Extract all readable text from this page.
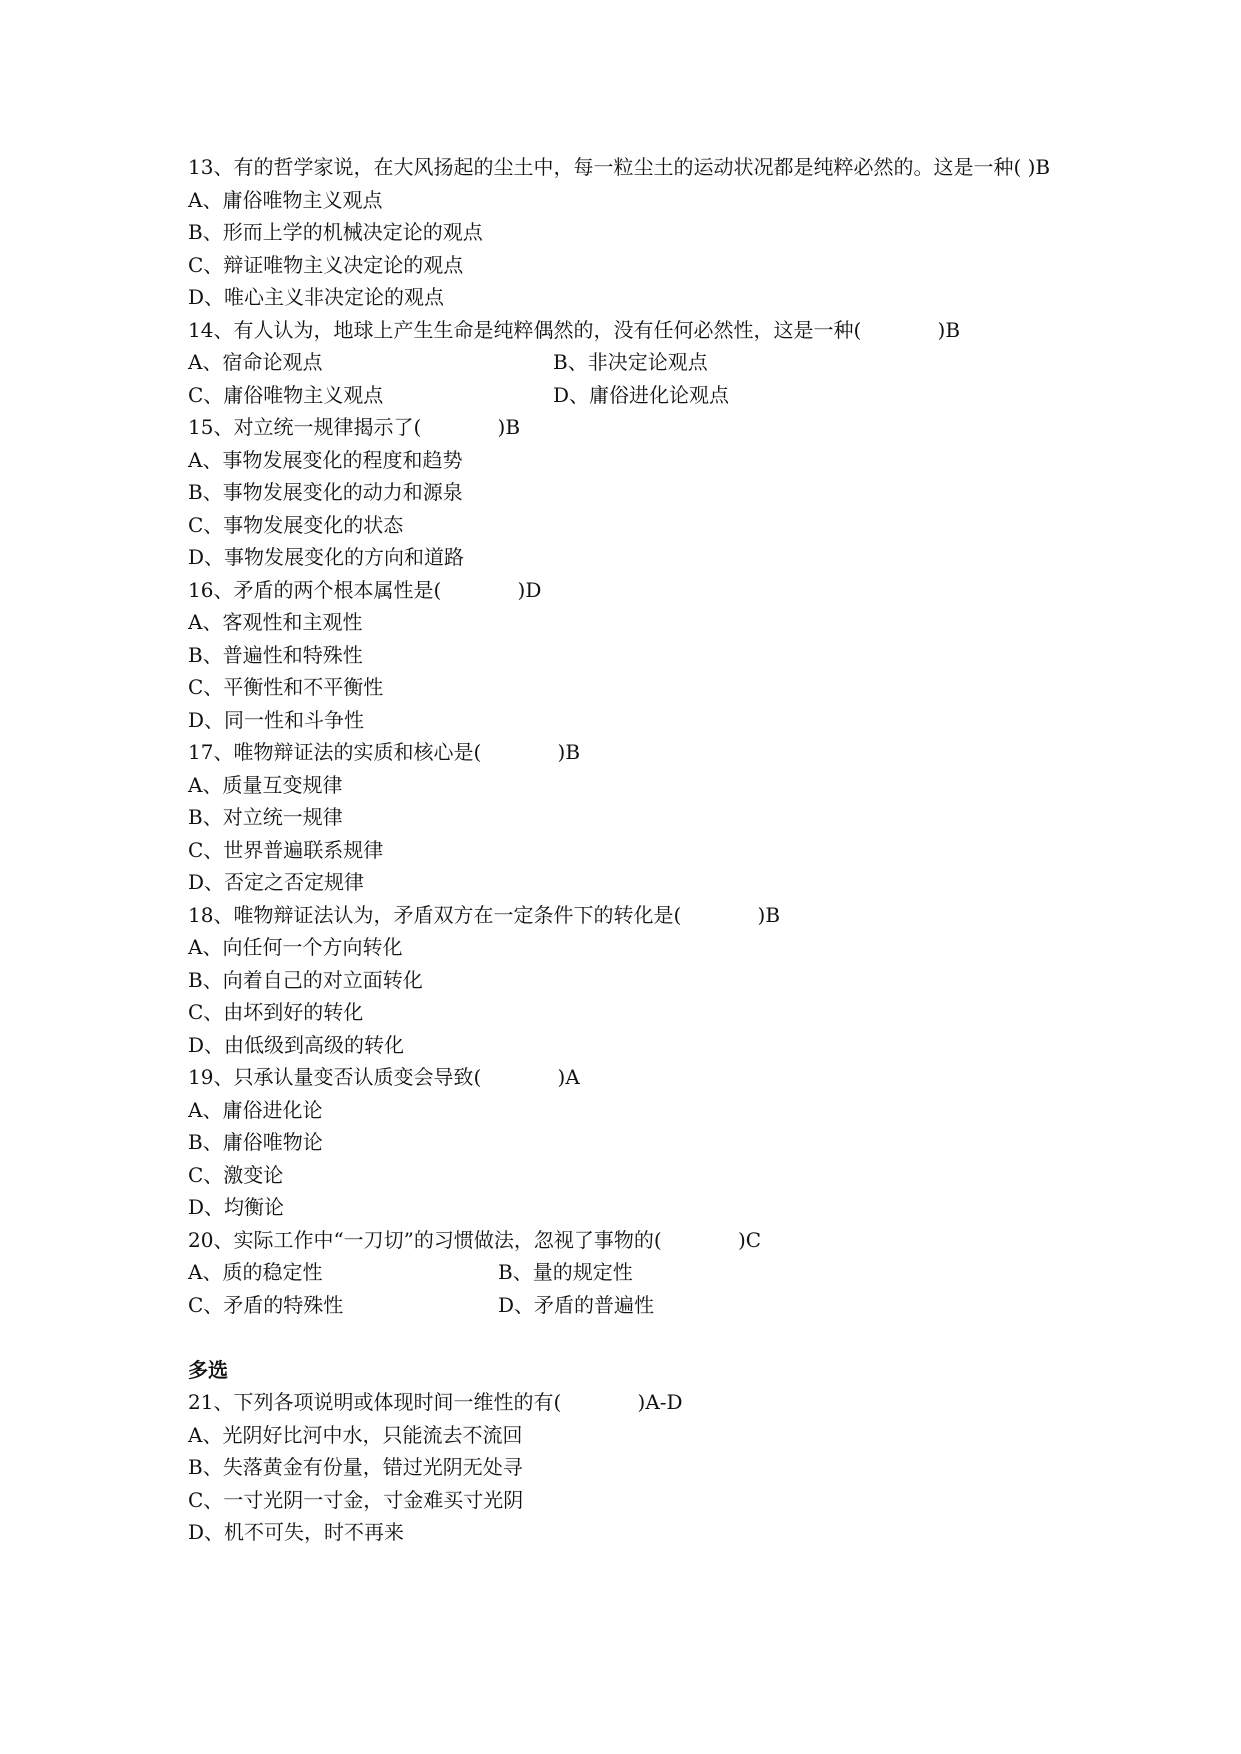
13、有的哲学家说，在大风扬起的尘土中，每一粒尘土的运动状况都是纯粹必然的。这是一种( )B
A、庸俗唯物主义观点
B、形而上学的机械决定论的观点
C、辩证唯物主义决定论的观点
D、唯心主义非决定论的观点
14、有人认为，地球上产生生命是纯粹偶然的，没有任何必然性，这是一种(            )B
A、宿命论观点	B、非决定论观点
C、庸俗唯物主义观点	D、庸俗进化论观点
15、对立统一规律揭示了(            )B
A、事物发展变化的程度和趋势
B、事物发展变化的动力和源泉
C、事物发展变化的状态
D、事物发展变化的方向和道路
16、矛盾的两个根本属性是(            )D
A、客观性和主观性
B、普遍性和特殊性
C、平衡性和不平衡性
D、同一性和斗争性
17、唯物辩证法的实质和核心是(            )B
A、质量互变规律
B、对立统一规律
C、世界普遍联系规律
D、否定之否定规律
18、唯物辩证法认为，矛盾双方在一定条件下的转化是(            )B
A、向任何一个方向转化
B、向着自己的对立面转化
C、由坏到好的转化
D、由低级到高级的转化
19、只承认量变否认质变会导致(            )A
A、庸俗进化论
B、庸俗唯物论
C、激变论
D、均衡论
20、实际工作中“一刀切”的习惯做法，忽视了事物的(            )C
A、质的稳定性	B、量的规定性
C、矛盾的特殊性	D、矛盾的普遍性
多选
21、下列各项说明或体现时间一维性的有(            )A-D
A、光阴好比河中水，只能流去不流回
B、失落黄金有份量，错过光阴无处寻
C、一寸光阴一寸金，寸金难买寸光阴
D、机不可失，时不再来
